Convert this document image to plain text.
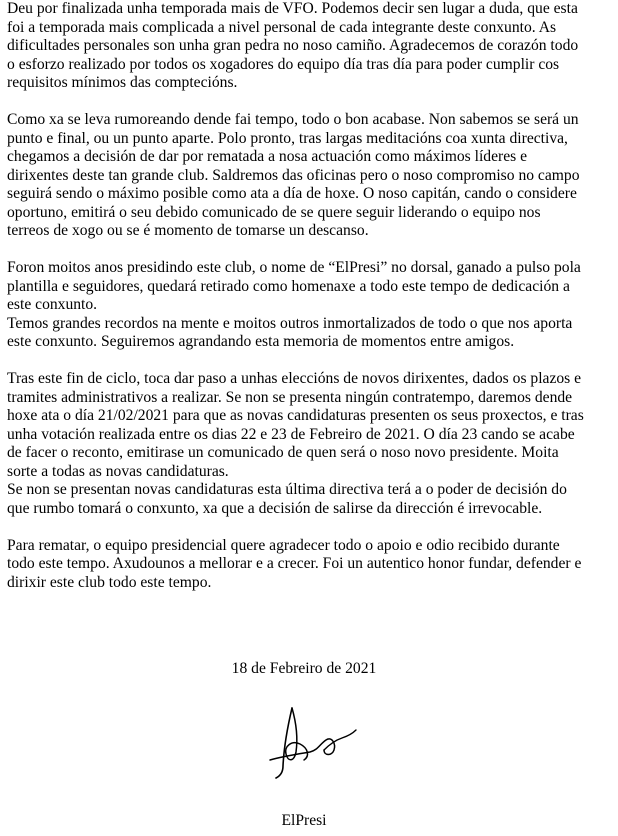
Deu por finalizada unha temporada mais de VFO. Podemos decir sen lugar a duda, que esta
foi a temporada mais complicada a nivel personal de cada integrante deste conxunto. As
dificultades personales son unha gran pedra no noso camiño. Agradecemos de corazón todo
o esforzo realizado por todos os xogadores do equipo día tras día para poder cumplir cos
requisitos mínimos das comptecións.
Como xa se leva rumoreando dende fai tempo, todo o bon acabase. Non sabemos se será un
punto e final, ou un punto aparte. Polo pronto, tras largas meditacións coa xunta directiva,
chegamos a decisión de dar por rematada a nosa actuación como máximos líderes e
dirixentes deste tan grande club. Saldremos das oficinas pero o noso compromiso no campo
seguirá sendo o máximo posible como ata a día de hoxe. O noso capitán, cando o considere
oportuno, emitirá o seu debido comunicado de se quere seguir liderando o equipo nos
terreos de xogo ou se é momento de tomarse un descanso.
Foron moitos anos presidindo este club, o nome de “ElPresi” no dorsal, ganado a pulso pola
plantilla e seguidores, quedará retirado como homenaxe a todo este tempo de dedicación a
este conxunto.
Temos grandes recordos na mente e moitos outros inmortalizados de todo o que nos aporta
este conxunto. Seguiremos agrandando esta memoria de momentos entre amigos.
Tras este fin de ciclo, toca dar paso a unhas eleccións de novos dirixentes, dados os plazos e
tramites administrativos a realizar. Se non se presenta ningún contratempo, daremos dende
hoxe ata o día 21/02/2021 para que as novas candidaturas presenten os seus proxectos, e tras
unha votación realizada entre os dias 22 e 23 de Febreiro de 2021. O día 23 cando se acabe
de facer o reconto, emitirase un comunicado de quen será o noso novo presidente. Moita
sorte a todas as novas candidaturas.
Se non se presentan novas candidaturas esta última directiva terá a o poder de decisión do
que rumbo tomará o conxunto, xa que a decisión de salirse da dirección é irrevocable.
Para rematar, o equipo presidencial quere agradecer todo o apoio e odio recibido durante
todo este tempo. Axudounos a mellorar e a crecer. Foi un autentico honor fundar, defender e
dirixir este club todo este tempo.
18 de Febreiro de 2021
ElPresi
